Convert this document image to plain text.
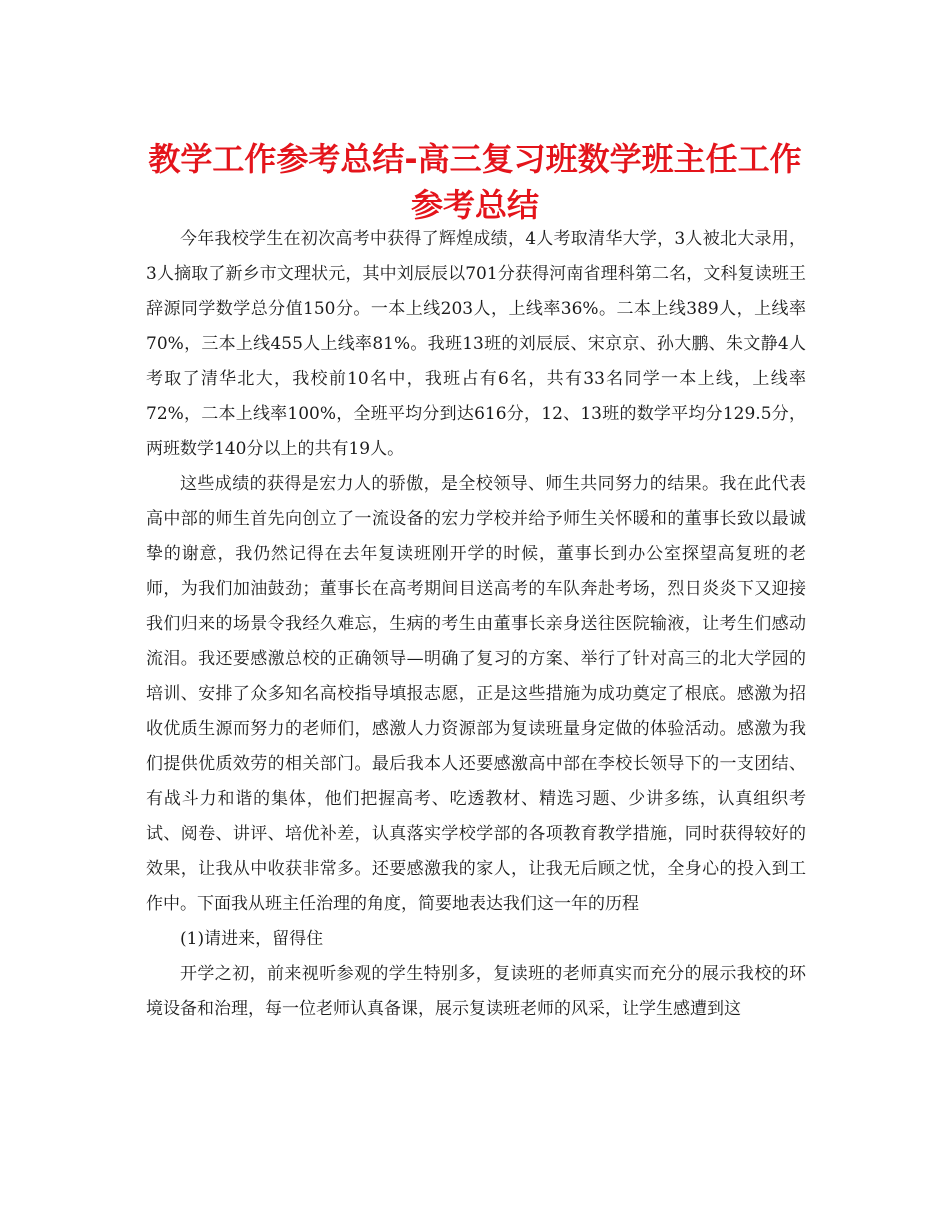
教学工作参考总结-高三复习班数学班主任工作
参考总结

今年我校学生在初次高考中获得了辉煌成绩，4人考取清华大学，3人被北大录用，3人摘取了新乡市文理状元，其中刘辰辰以701分获得河南省理科第二名，文科复读班王辞源同学数学总分值150分。一本上线203人，上线率36%。二本上线389人，上线率70%，三本上线455人上线率81%。我班13班的刘辰辰、宋京京、孙大鹏、朱文静4人考取了清华北大，我校前10名中，我班占有6名，共有33名同学一本上线，上线率72%，二本上线率100%，全班平均分到达616分，12、13班的数学平均分129.5分，两班数学140分以上的共有19人。

这些成绩的获得是宏力人的骄傲，是全校领导、师生共同努力的结果。我在此代表高中部的师生首先向创立了一流设备的宏力学校并给予师生关怀暖和的董事长致以最诚挚的谢意，我仍然记得在去年复读班刚开学的时候，董事长到办公室探望高复班的老师，为我们加油鼓劲；董事长在高考期间目送高考的车队奔赴考场，烈日炎炎下又迎接我们归来的场景令我经久难忘，生病的考生由董事长亲身送往医院输液，让考生们感动流泪。我还要感激总校的正确领导—明确了复习的方案、举行了针对高三的北大学园的培训、安排了众多知名高校指导填报志愿，正是这些措施为成功奠定了根底。感激为招收优质生源而努力的老师们，感激人力资源部为复读班量身定做的体验活动。感激为我们提供优质效劳的相关部门。最后我本人还要感激高中部在李校长领导下的一支团结、有战斗力和谐的集体，他们把握高考、吃透教材、精选习题、少讲多练，认真组织考试、阅卷、讲评、培优补差，认真落实学校学部的各项教育教学措施，同时获得较好的效果，让我从中收获非常多。还要感激我的家人，让我无后顾之忧，全身心的投入到工作中。下面我从班主任治理的角度，简要地表达我们这一年的历程

(1)请进来，留得住

开学之初，前来视听参观的学生特别多，复读班的老师真实而充分的展示我校的环境设备和治理，每一位老师认真备课，展示复读班老师的风采，让学生感遭到这
